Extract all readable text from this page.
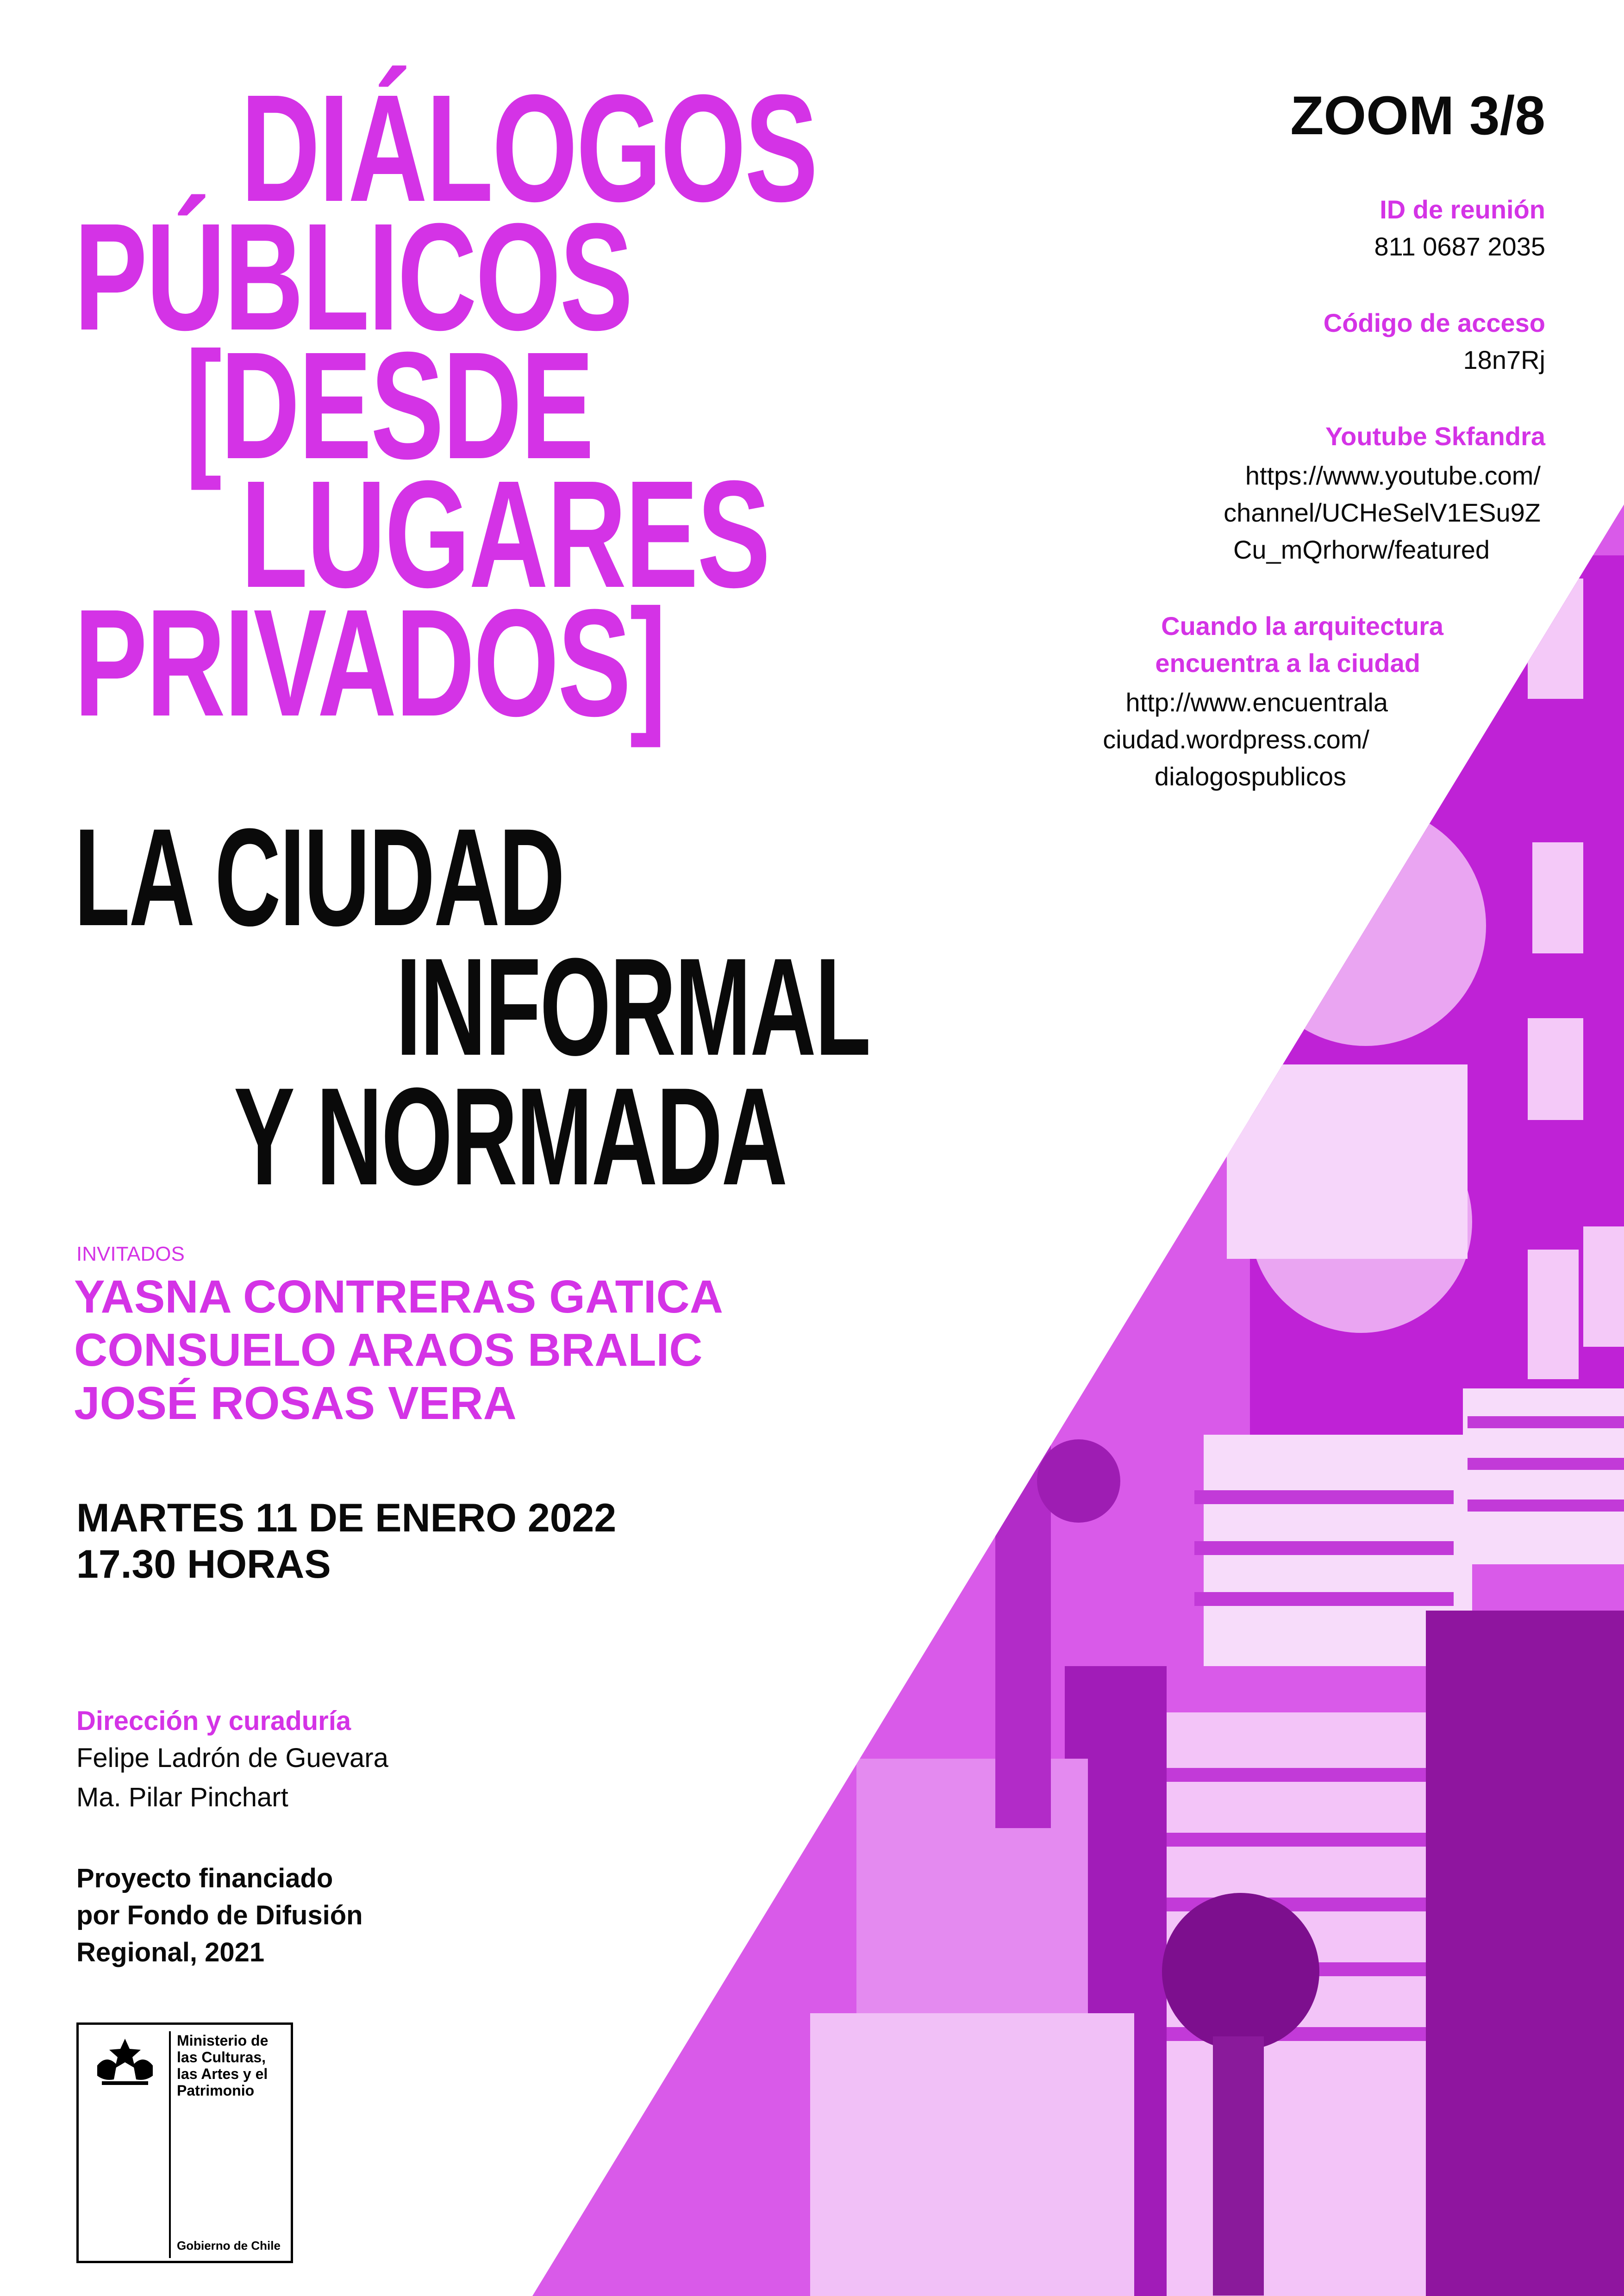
DIÁLOGOS
PÚBLICOS
[DESDE
LUGARES
PRIVADOS]
LA CIUDAD
INFORMAL
Y NORMADA
ZOOM 3/8
ID de reunión
811 0687 2035
Código de acceso
18n7Rj
Youtube Skfandra
https://www.youtube.com/
channel/UCHeSelV1ESu9Z
Cu_mQrhorw/featured
Cuando la arquitectura
encuentra a la ciudad
http://www.encuentrala
ciudad.wordpress.com/
dialogospublicos
INVITADOS
YASNA CONTRERAS GATICA
CONSUELO ARAOS BRALIC
JOSÉ ROSAS VERA
MARTES 11 DE ENERO 2022
17.30 HORAS
Dirección y curaduría
Felipe Ladrón de Guevara
Ma. Pilar Pinchart
Proyecto financiado
por Fondo de Difusión
Regional, 2021
Ministerio de
las Culturas,
las Artes y el
Patrimonio
Gobierno de Chile
